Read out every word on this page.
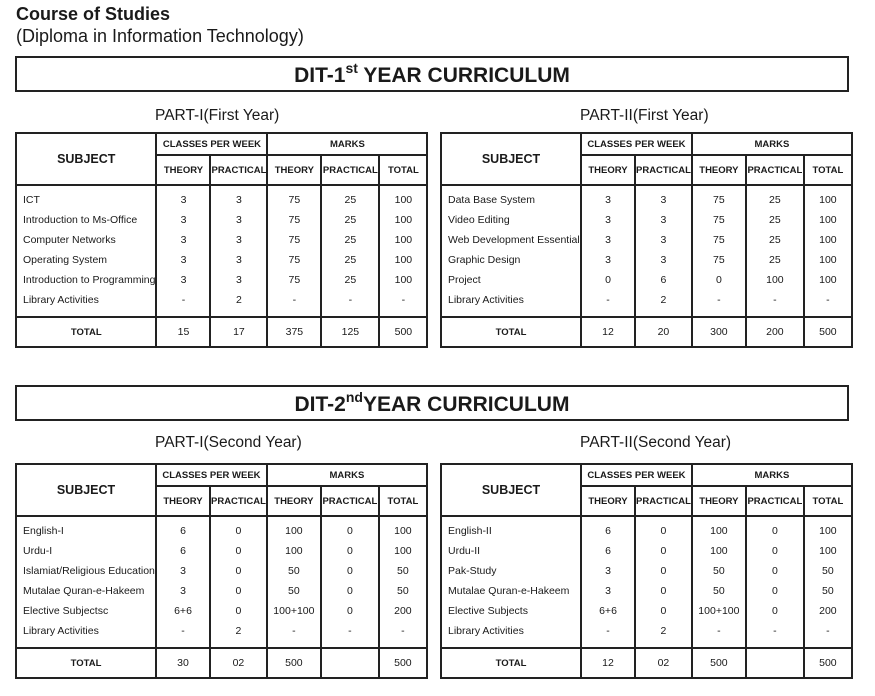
Course of Studies
(Diploma in Information Technology)
DIT-1st YEAR CURRICULUM
PART-I(First Year)
SUBJECT	CLASSES PER WEEK		MARKS		
	THEORY	PRACTICAL	THEORY	PRACTICAL	TOTAL
ICT	3	3	75	25	100
Introduction to Ms-Office	3	3	75	25	100
Computer Networks	3	3	75	25	100
Operating System	3	3	75	25	100
Introduction to Programming	3	3	75	25	100
Library Activities	-	2	-	-	-
TOTAL	15	17	375	125	500
PART-II(First Year)
SUBJECT	CLASSES PER WEEK		MARKS		
	THEORY	PRACTICAL	THEORY	PRACTICAL	TOTAL
Data Base System	3	3	75	25	100
Video Editing	3	3	75	25	100
Web Development Essential	3	3	75	25	100
Graphic Design	3	3	75	25	100
Project	0	6	0	100	100
Library Activities	-	2	-	-	-
TOTAL	12	20	300	200	500
DIT-2ndYEAR CURRICULUM
PART-I(Second Year)
SUBJECT	CLASSES PER WEEK		MARKS		
	THEORY	PRACTICAL	THEORY	PRACTICAL	TOTAL
English-I	6	0	100	0	100
Urdu-I	6	0	100	0	100
Islamiat/Religious Education	3	0	50	0	50
Mutalae Quran-e-Hakeem	3	0	50	0	50
Elective Subjectsc	6+6	0	100+100	0	200
Library Activities	-	2	-	-	-
TOTAL	30	02	500		500
PART-II(Second Year)
SUBJECT	CLASSES PER WEEK		MARKS		
	THEORY	PRACTICAL	THEORY	PRACTICAL	TOTAL
English-II	6	0	100	0	100
Urdu-II	6	0	100	0	100
Pak-Study	3	0	50	0	50
Mutalae Quran-e-Hakeem	3	0	50	0	50
Elective Subjects	6+6	0	100+100	0	200
Library Activities	-	2	-	-	-
TOTAL	12	02	500		500
